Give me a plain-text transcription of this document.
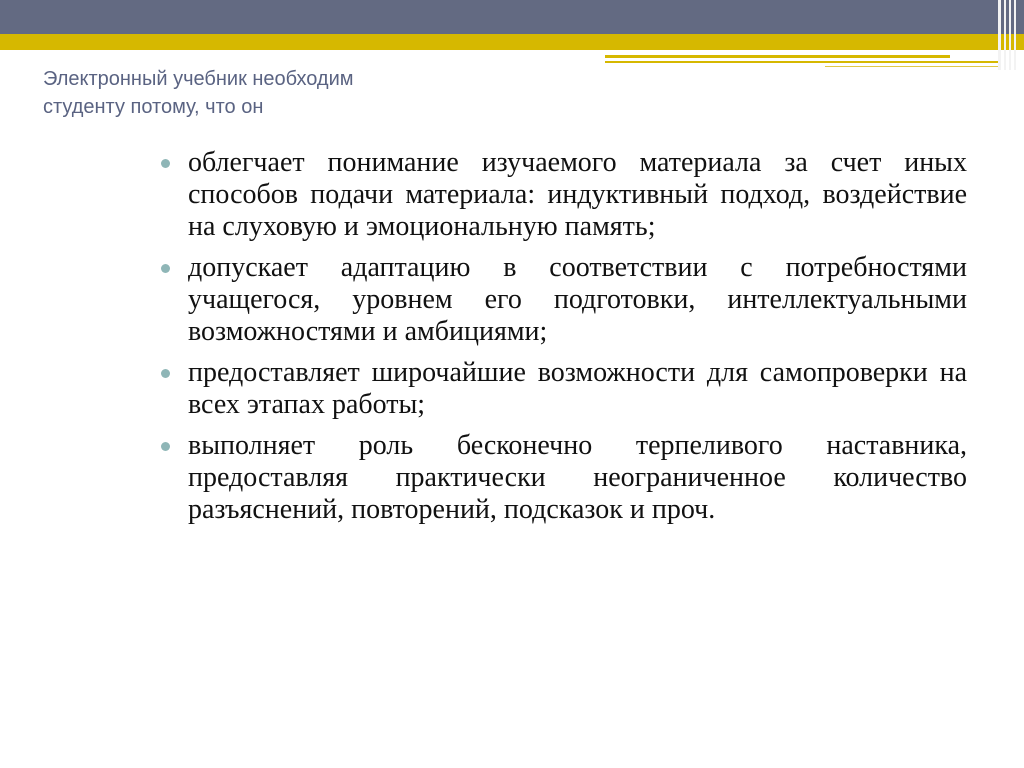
Электронный учебник необходим
студенту потому, что он
облегчает понимание изучаемого материала за счет иных способов подачи материала: индуктивный подход, воздействие на слуховую и эмоциональную память;
допускает адаптацию в соответствии с потребностями учащегося, уровнем его подготовки, интеллектуальными возможностями и амбициями;
предоставляет широчайшие возможности для самопроверки на всех этапах работы;
выполняет роль бесконечно терпеливого наставника, предоставляя практически неограниченное количество разъяснений, повторений, подсказок и проч.
